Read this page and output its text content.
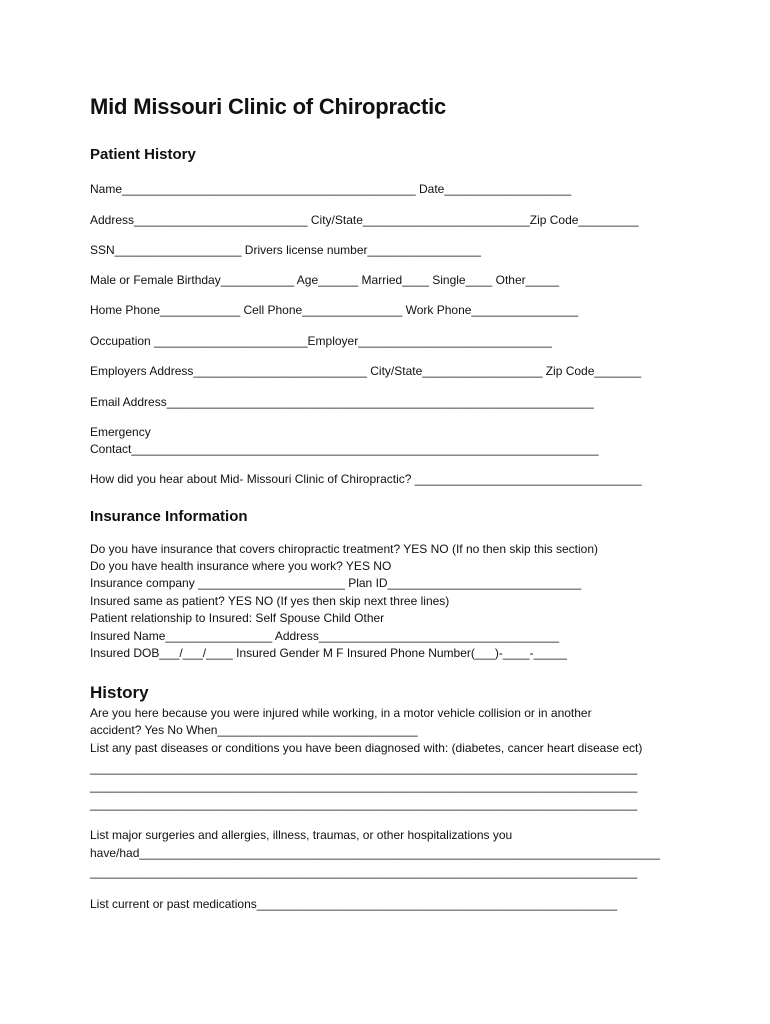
Mid Missouri Clinic of Chiropractic
Patient History

Name____________________________________________ Date___________________

Address__________________________ City/State_________________________Zip Code_________

SSN___________________ Drivers license number_________________

Male or Female Birthday___________ Age______ Married____ Single____ Other_____

Home Phone____________ Cell Phone_______________ Work Phone________________

Occupation _______________________Employer_____________________________

Employers Address__________________________ City/State__________________ Zip Code_______

Email Address________________________________________________________________

Emergency

Contact______________________________________________________________________

How did you hear about Mid- Missouri Clinic of Chiropractic? __________________________________

Insurance Information

Do you have insurance that covers chiropractic treatment? YES NO (If no then skip this section)

Do you have health insurance where you work? YES NO

Insurance company ______________________ Plan ID_____________________________

Insured same as patient? YES NO (If yes then skip next three lines)

Patient relationship to Insured: Self Spouse Child Other

Insured Name________________ Address____________________________________

Insured DOB___/___/____ Insured Gender M F Insured Phone Number(___)-____-_____

History

Are you here because you were injured while working, in a motor vehicle collision or in another

accident? Yes No When______________________________

List any past diseases or conditions you have been diagnosed with: (diabetes, cancer heart disease ect)

__________________________________________________________________________________

__________________________________________________________________________________

__________________________________________________________________________________

List major surgeries and allergies, illness, traumas, or other hospitalizations you

have/had______________________________________________________________________________

__________________________________________________________________________________

List current or past medications______________________________________________________
